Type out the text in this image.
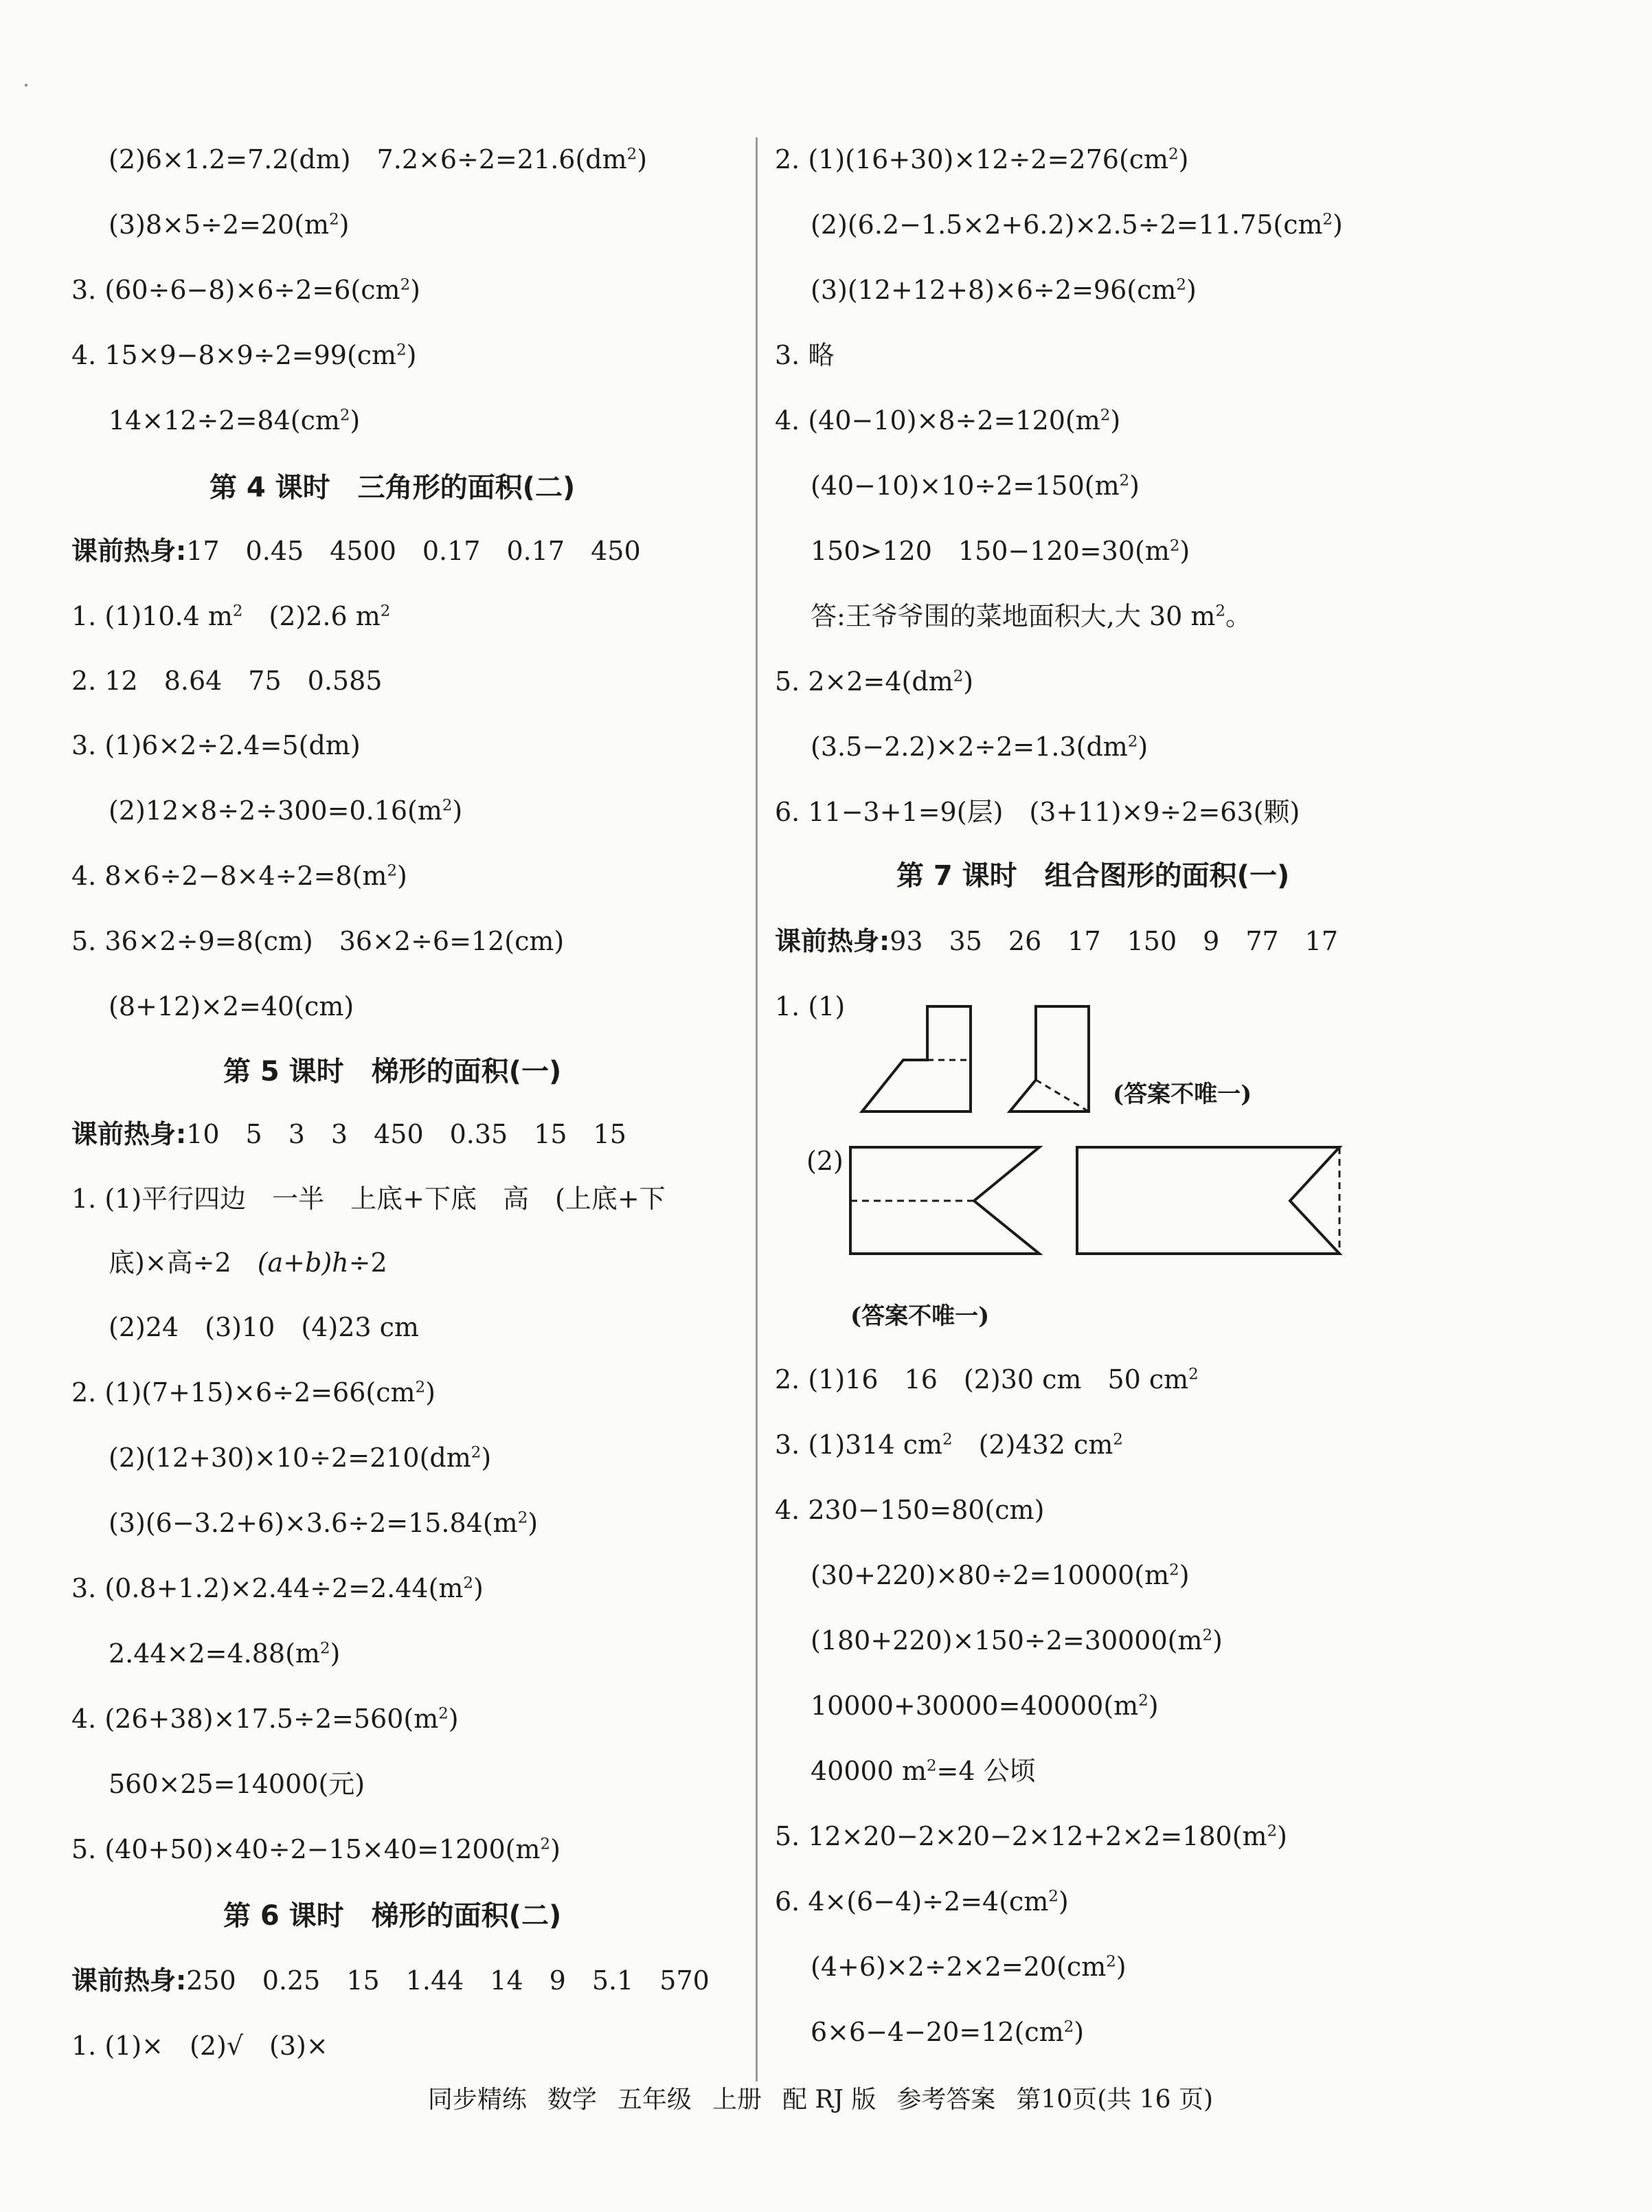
(2)6×1.2=7.2(dm)　$7.2\times 6\div 2=21.6(dm^2)$
$(3)8\times 5\div 2=20(m^2)$
3. $(60\div 6-8)\times 6\div 2=6(cm^2)$
4. $15\times 9-8\times 9\div 2=99(cm^2)$
$14\times 12\div 2=84(cm^2)$
第 4 课时　三角形的面积(二)
课前热身:17　0.45　4500　0.17　0.17　450
1. (1)10.4 $m^2$　(2)2.6 $m^2$
2. 12　8.64　75　0.585
3. (1)6×2÷2.4=5(dm)
$(2)12\times 8\div 2\div 300=0.16(m^2)$
4. $8\times 6\div 2-8\times 4\div 2=8(m^2)$
5. 36×2÷9=8(cm)　36×2÷6=12(cm)
(8+12)×2=40(cm)
第 5 课时　梯形的面积(一)
课前热身:10　5　3　3　450　0.35　15　15
1. (1)平行四边　一半　上底+下底　高　(上底+下
底)×高÷2　(a+b)h÷2
(2)24　(3)10　(4)23 cm
2. $(1)(7+15)\times 6\div 2=66(cm^2)$
$(2)(12+30)\times 10\div 2=210(dm^2)$
$(3)(6-3.2+6)\times 3.6\div 2=15.84(m^2)$
3. $(0.8+1.2)\times 2.44\div 2=2.44(m^2)$
$2.44\times 2=4.88(m^2)$
4. $(26+38)\times 17.5\div 2=560(m^2)$
560×25=14000(元)
5. $(40+50)\times 40\div 2-15\times 40=1200(m^2)$
第 6 课时　梯形的面积(二)
课前热身:250　0.25　15　1.44　14　9　5.1　570
1. (1)×　(2)√　(3)×
2. $(1)(16+30)\times 12\div 2=276(cm^2)$
$(2)(6.2-1.5\times 2+6.2)\times 2.5\div 2=11.75(cm^2)$
$(3)(12+12+8)\times 6\div 2=96(cm^2)$
3. 略
4. $(40-10)\times 8\div 2=120(m^2)$
$(40-10)\times 10\div 2=150(m^2)$
150>120　$150-120=30(m^2)$
答:王爷爷围的菜地面积大,大 30 $m^2$。
5. $2\times 2=4(dm^2)$
$(3.5-2.2)\times 2\div 2=1.3(dm^2)$
6. 11−3+1=9(层)　(3+11)×9÷2=63(颗)
第 7 课时　组合图形的面积(一)
课前热身:93　35　26　17　150　9　77　17
1. (1)
(答案不唯一)
(2)
(答案不唯一)
2. (1)16　16　(2)30 cm　50 $cm^2$
3. (1)314 $cm^2$　(2)432 $cm^2$
4. 230−150=80(cm)
$(30+220)\times 80\div 2=10000(m^2)$
$(180+220)\times 150\div 2=30000(m^2)$
$10000+30000=40000(m^2)$
40000 $m^2=4$ 公顷
5. $12\times 20-2\times 20-2\times 12+2\times 2=180(m^2)$
6. $4\times(6-4)\div 2=4(cm^2)$
$(4+6)\times 2\div 2\times 2=20(cm^2)$
$6\times 6-4-20=12(cm^2)$

同步精练 数学 五年级 上册 配 RJ 版 参考答案 第10页(共 16 页)
